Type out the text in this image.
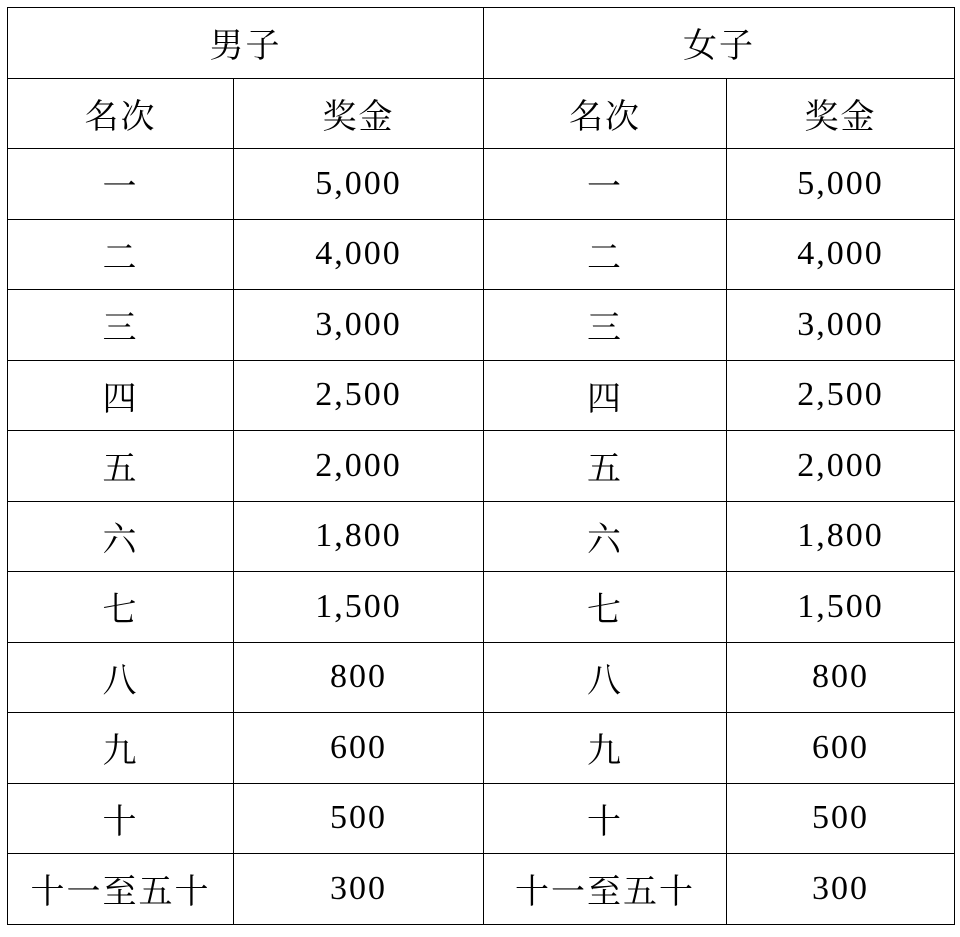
男子		女子	
名次	奖金	名次	奖金
一	5,000	一	5,000
二	4,000	二	4,000
三	3,000	三	3,000
四	2,500	四	2,500
五	2,000	五	2,000
六	1,800	六	1,800
七	1,500	七	1,500
八	800	八	800
九	600	九	600
十	500	十	500
十一至五十	300	十一至五十	300
